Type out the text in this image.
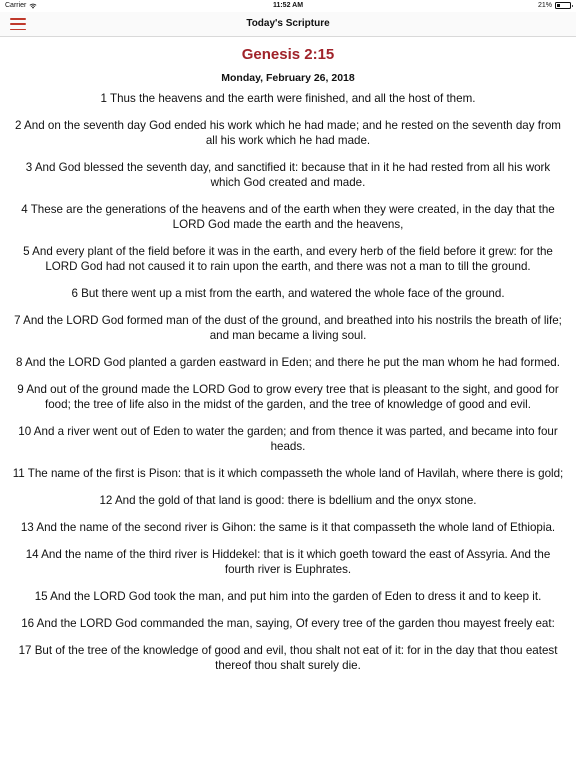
Carrier	11:52 AM	21%
Today's Scripture
Genesis 2:15
Monday, February 26, 2018

1 Thus the heavens and the earth were finished, and all the host of them.

2 And on the seventh day God ended his work which he had made; and he rested on the seventh day from all his work which he had made.

3 And God blessed the seventh day, and sanctified it: because that in it he had rested from all his work which God created and made.

4 These are the generations of the heavens and of the earth when they were created, in the day that the LORD God made the earth and the heavens,

5 And every plant of the field before it was in the earth, and every herb of the field before it grew: for the LORD God had not caused it to rain upon the earth, and there was not a man to till the ground.

6 But there went up a mist from the earth, and watered the whole face of the ground.

7 And the LORD God formed man of the dust of the ground, and breathed into his nostrils the breath of life; and man became a living soul.

8 And the LORD God planted a garden eastward in Eden; and there he put the man whom he had formed.

9 And out of the ground made the LORD God to grow every tree that is pleasant to the sight, and good for food; the tree of life also in the midst of the garden, and the tree of knowledge of good and evil.

10 And a river went out of Eden to water the garden; and from thence it was parted, and became into four heads.

11 The name of the first is Pison: that is it which compasseth the whole land of Havilah, where there is gold;

12 And the gold of that land is good: there is bdellium and the onyx stone.

13 And the name of the second river is Gihon: the same is it that compasseth the whole land of Ethiopia.

14 And the name of the third river is Hiddekel: that is it which goeth toward the east of Assyria. And the fourth river is Euphrates.

15 And the LORD God took the man, and put him into the garden of Eden to dress it and to keep it.

16 And the LORD God commanded the man, saying, Of every tree of the garden thou mayest freely eat:

17 But of the tree of the knowledge of good and evil, thou shalt not eat of it: for in the day that thou eatest thereof thou shalt surely die.
